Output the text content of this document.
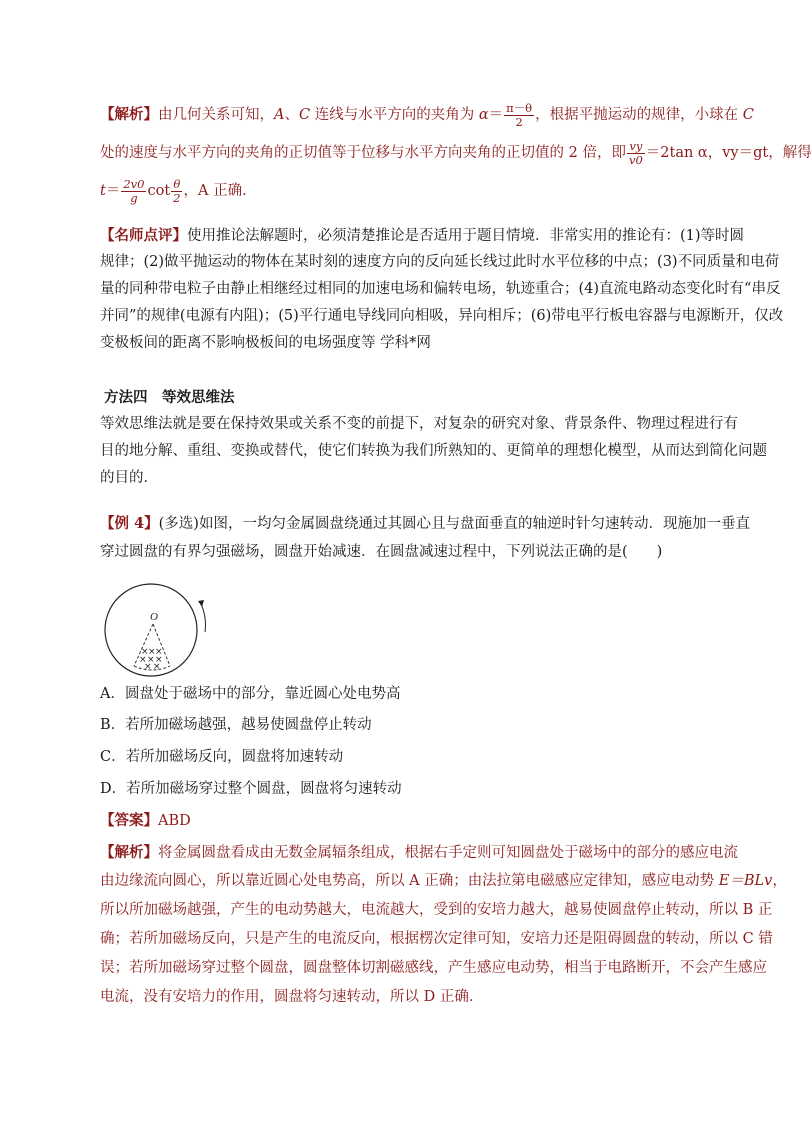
【解析】由几何关系可知，A、C 连线与水平方向的夹角为 $\alpha= \frac{\pi-\theta}{2}$ ，根据平抛运动的规律，小球在 C
处的速度与水平方向的夹角的正切值等于位移与水平方向夹角的正切值的 2 倍，即 $\frac{vy}{v0} =2\tan$ α，vy＝gt，解得
$t= \frac{2v0}{g}$ $\cot \frac{\theta}{2}$ ，A 正确．
【名师点评】使用推论法解题时，必须清楚推论是否适用于题目情境．非常实用的推论有：(1)等时圆
规律；(2)做平抛运动的物体在某时刻的速度方向的反向延长线过此时水平位移的中点；(3)不同质量和电荷
量的同种带电粒子由静止相继经过相同的加速电场和偏转电场，轨迹重合；(4)直流电路动态变化时有“串反
并同”的规律(电源有内阻)；(5)平行通电导线同向相吸，异向相斥；(6)带电平行板电容器与电源断开，仅改
变极板间的距离不影响极板间的电场强度等 学科*网
方法四　等效思维法
等效思维法就是要在保持效果或关系不变的前提下，对复杂的研究对象、背景条件、物理过程进行有
目的地分解、重组、变换或替代，使它们转换为我们所熟知的、更简单的理想化模型，从而达到简化问题
的目的．
【例 4】(多选)如图，一均匀金属圆盘绕通过其圆心且与盘面垂直的轴逆时针匀速转动．现施加一垂直
穿过圆盘的有界匀强磁场，圆盘开始减速．在圆盘减速过程中，下列说法正确的是(　　)
O
× × ×
× × ×
× ×
A．圆盘处于磁场中的部分，靠近圆心处电势高
B．若所加磁场越强，越易使圆盘停止转动
C．若所加磁场反向，圆盘将加速转动
D．若所加磁场穿过整个圆盘，圆盘将匀速转动
【答案】ABD
【解析】将金属圆盘看成由无数金属辐条组成，根据右手定则可知圆盘处于磁场中的部分的感应电流
由边缘流向圆心，所以靠近圆心处电势高，所以 A 正确；由法拉第电磁感应定律知，感应电动势 E＝BLv，
所以所加磁场越强，产生的电动势越大，电流越大，受到的安培力越大，越易使圆盘停止转动，所以 B 正
确；若所加磁场反向，只是产生的电流反向，根据楞次定律可知，安培力还是阻碍圆盘的转动，所以 C 错
误；若所加磁场穿过整个圆盘，圆盘整体切割磁感线，产生感应电动势，相当于电路断开，不会产生感应
电流，没有安培力的作用，圆盘将匀速转动，所以 D 正确．
